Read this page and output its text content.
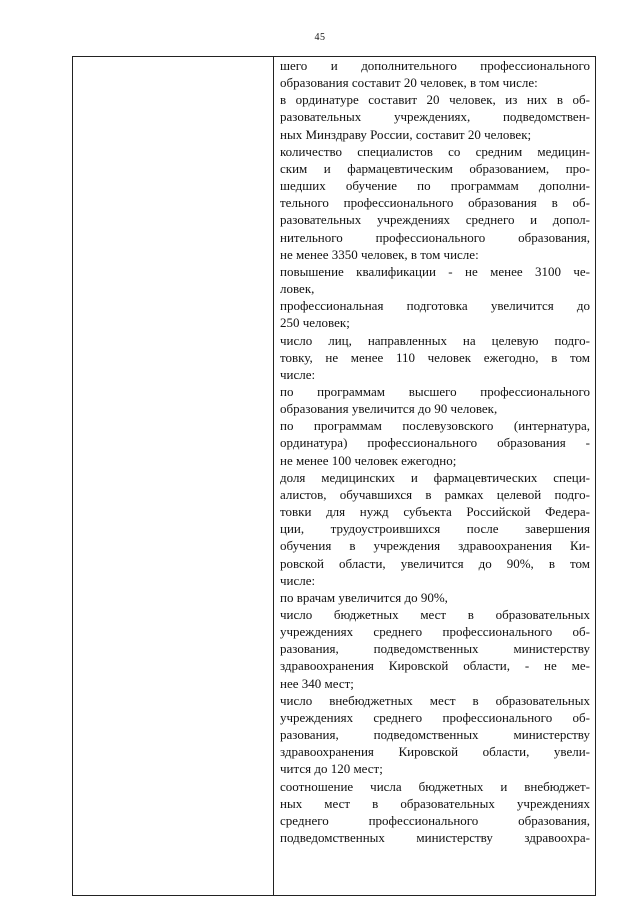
45

шего и дополнительного профессионального

образования составит 20 человек, в том числе:

в ординатуре составит 20 человек, из них в об-

разовательных учреждениях, подведомствен-

ных Минздраву России, составит 20 человек;

количество специалистов со средним медицин-

ским и фармацевтическим образованием, про-

шедших обучение по программам дополни-

тельного профессионального образования в об-

разовательных учреждениях среднего и допол-

нительного профессионального образования,

не менее 3350 человек, в том числе:

повышение квалификации - не менее 3100 че-

ловек,

профессиональная подготовка увеличится до

250 человек;

число лиц, направленных на целевую подго-

товку, не менее 110 человек ежегодно, в том

числе:

по программам высшего профессионального

образования увеличится до 90 человек,

по программам послевузовского (интернатура,

ординатура) профессионального образования -

не менее 100 человек ежегодно;

доля медицинских и фармацевтических специ-

алистов, обучавшихся в рамках целевой подго-

товки для нужд субъекта Российской Федера-

ции, трудоустроившихся после завершения

обучения в учреждения здравоохранения Ки-

ровской области, увеличится до 90%, в том

числе:

по врачам увеличится до 90%,

число бюджетных мест в образовательных

учреждениях среднего профессионального об-

разования, подведомственных министерству

здравоохранения Кировской области, - не ме-

нее 340 мест;

число внебюджетных мест в образовательных

учреждениях среднего профессионального об-

разования, подведомственных министерству

здравоохранения Кировской области, увели-

чится до 120 мест;

соотношение числа бюджетных и внебюджет-

ных мест в образовательных учреждениях

среднего профессионального образования,

подведомственных министерству здравоохра-
